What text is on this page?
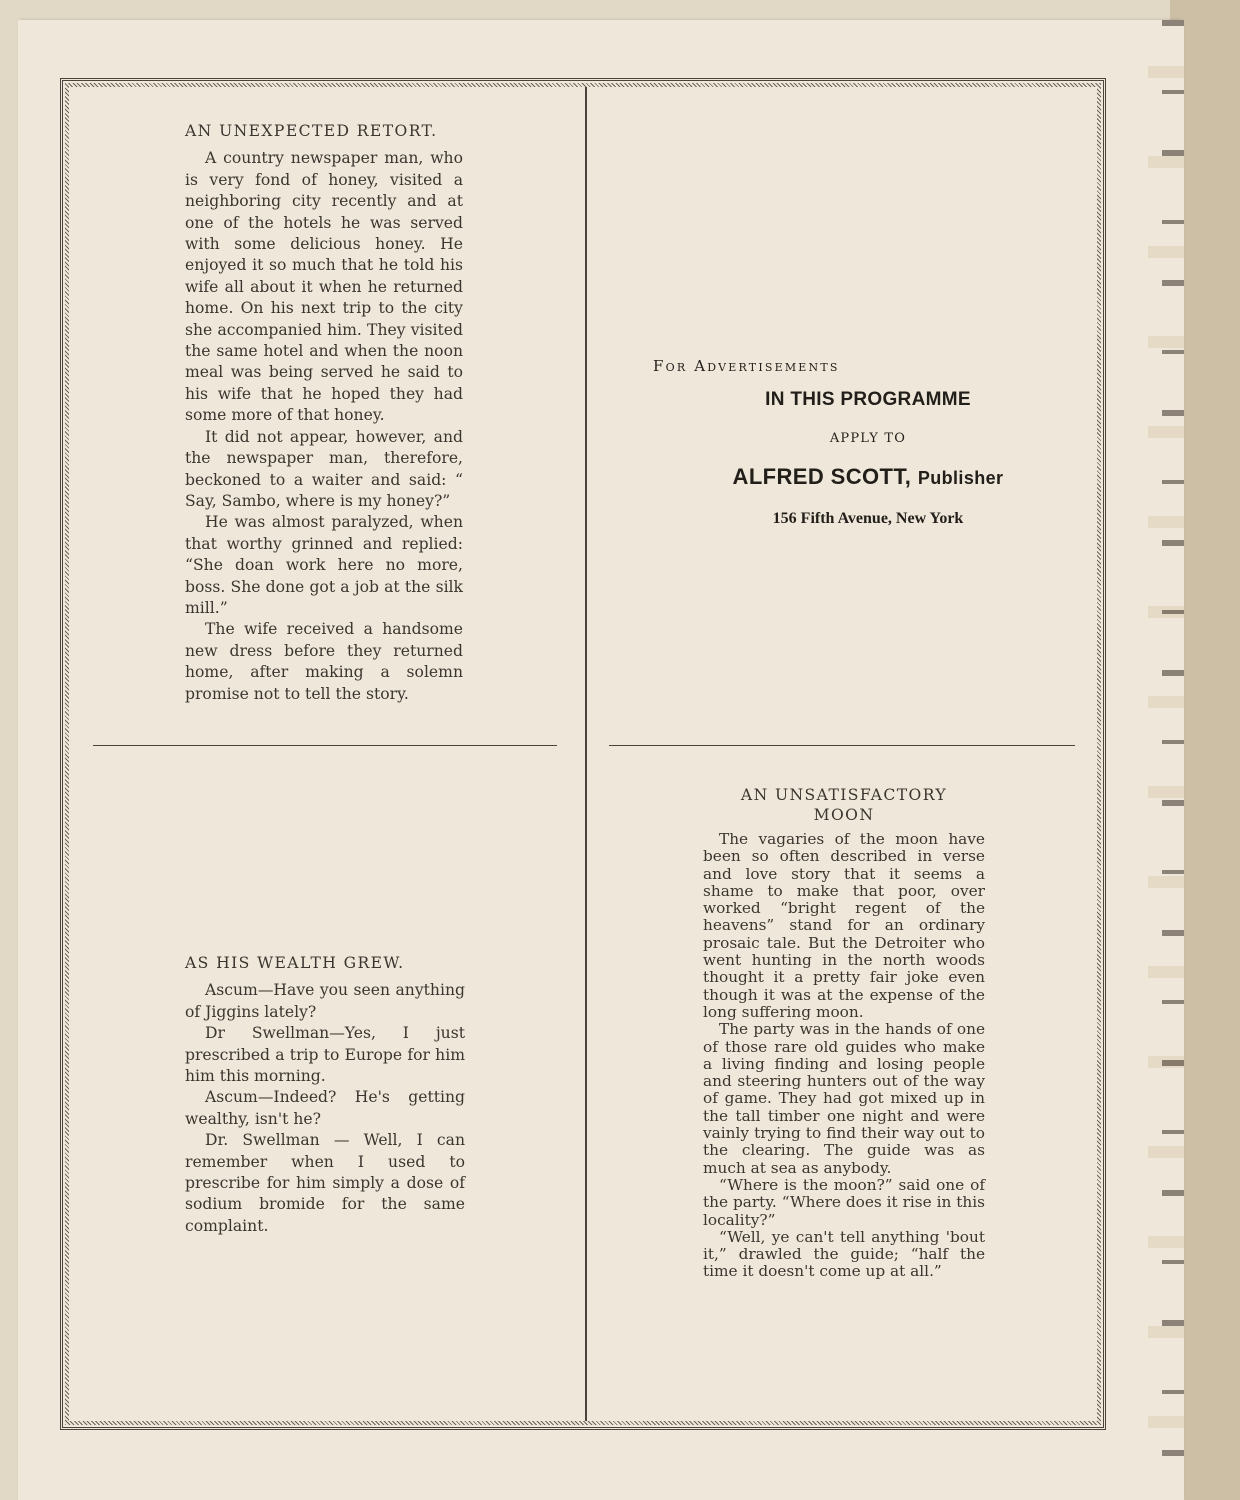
AN UNEXPECTED RETORT.

A country newspaper man, who is very fond of honey, visited a neighboring city recently and at one of the hotels he was served with some delicious honey. He enjoyed it so much that he told his wife all about it when he returned home. On his next trip to the city she accompanied him. They visited the same hotel and when the noon meal was being served he said to his wife that he hoped they had some more of that honey.

It did not appear, however, and the newspaper man, therefore, beckoned to a waiter and said: “ Say, Sambo, where is my honey?”

He was almost paralyzed, when that worthy grinned and replied: “She doan work here no more, boss. She done got a job at the silk mill.”

The wife received a handsome new dress before they returned home, after making a solemn promise not to tell the story.

For Advertisements
IN THIS PROGRAMME
APPLY TO
ALFRED SCOTT, Publisher
156 Fifth Avenue, New York
AS HIS WEALTH GREW.

Ascum—Have you seen anything of Jiggins lately?

Dr Swellman—Yes, I just prescribed a trip to Europe for him him this morning.

Ascum—Indeed? He's getting wealthy, isn't he?

Dr. Swellman — Well, I can remember when I used to prescribe for him simply a dose of sodium bromide for the same complaint.

AN UNSATISFACTORY
MOON

The vagaries of the moon have been so often described in verse and love story that it seems a shame to make that poor, over worked “bright regent of the heavens” stand for an ordinary prosaic tale. But the Detroiter who went hunting in the north woods thought it a pretty fair joke even though it was at the expense of the long suffering moon.

The party was in the hands of one of those rare old guides who make a living finding and losing people and steering hunters out of the way of game. They had got mixed up in the tall timber one night and were vainly trying to find their way out to the clearing. The guide was as much at sea as anybody.

“Where is the moon?” said one of the party. “Where does it rise in this locality?”

“Well, ye can't tell anything 'bout it,” drawled the guide; “half the time it doesn't come up at all.”
